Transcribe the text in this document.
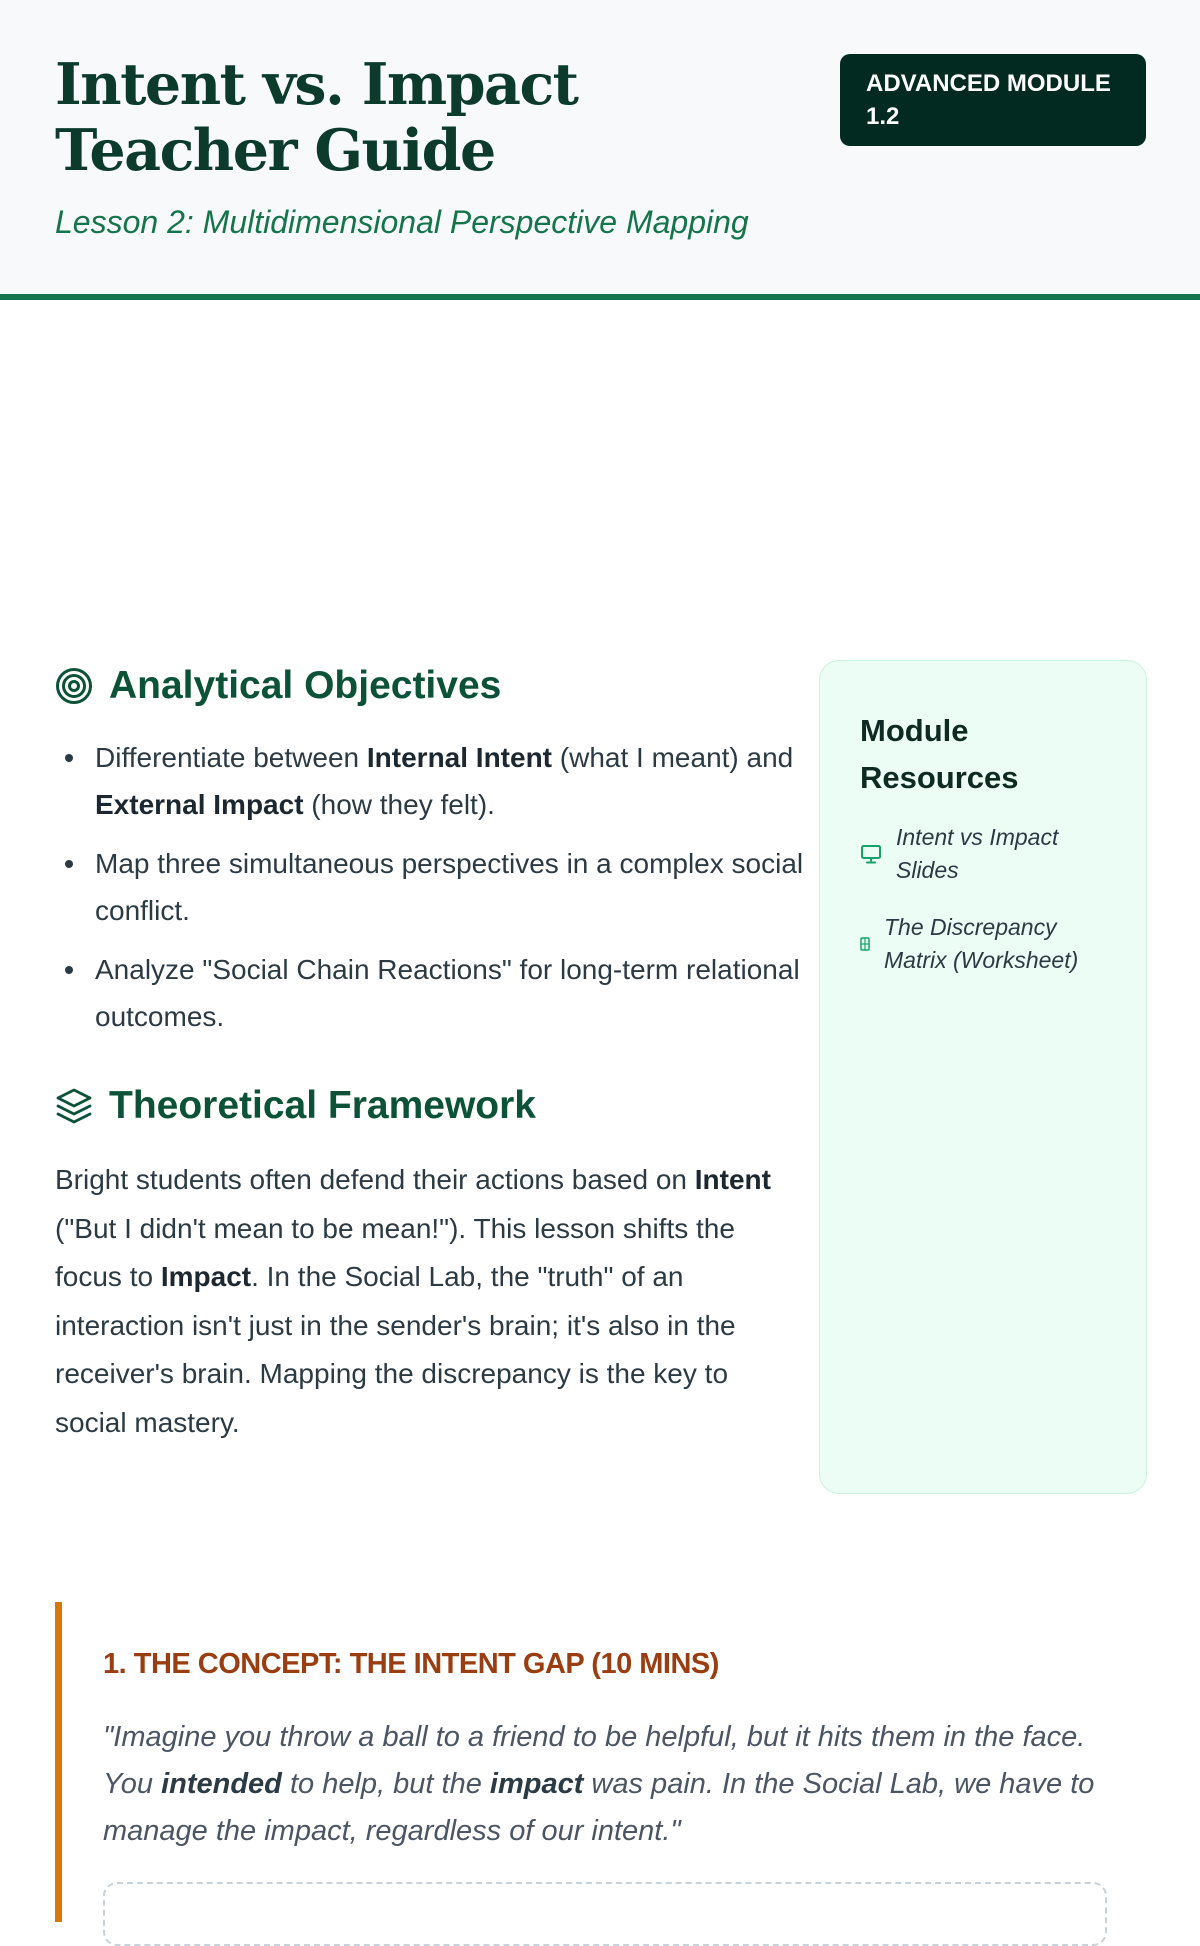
Intent vs. Impact Teacher Guide

Lesson 2: Multidimensional Perspective Mapping

ADVANCED MODULE 1.2
Analytical Objectives
Differentiate between Internal Intent (what I meant) and External Impact (how they felt).
Map three simultaneous perspectives in a complex social conflict.
Analyze "Social Chain Reactions" for long-term relational outcomes.
Theoretical Framework

Bright students often defend their actions based on Intent ("But I didn't mean to be mean!"). This lesson shifts the focus to Impact. In the Social Lab, the "truth" of an interaction isn't just in the sender's brain; it's also in the receiver's brain. Mapping the discrepancy is the key to social mastery.

Module Resources
Intent vs Impact Slides
The Discrepancy Matrix (Worksheet)
1. THE CONCEPT: THE INTENT GAP (10 MINS)

"Imagine you throw a ball to a friend to be helpful, but it hits them in the face. You intended to help, but the impact was pain. In the Social Lab, we have to manage the impact, regardless of our intent."
